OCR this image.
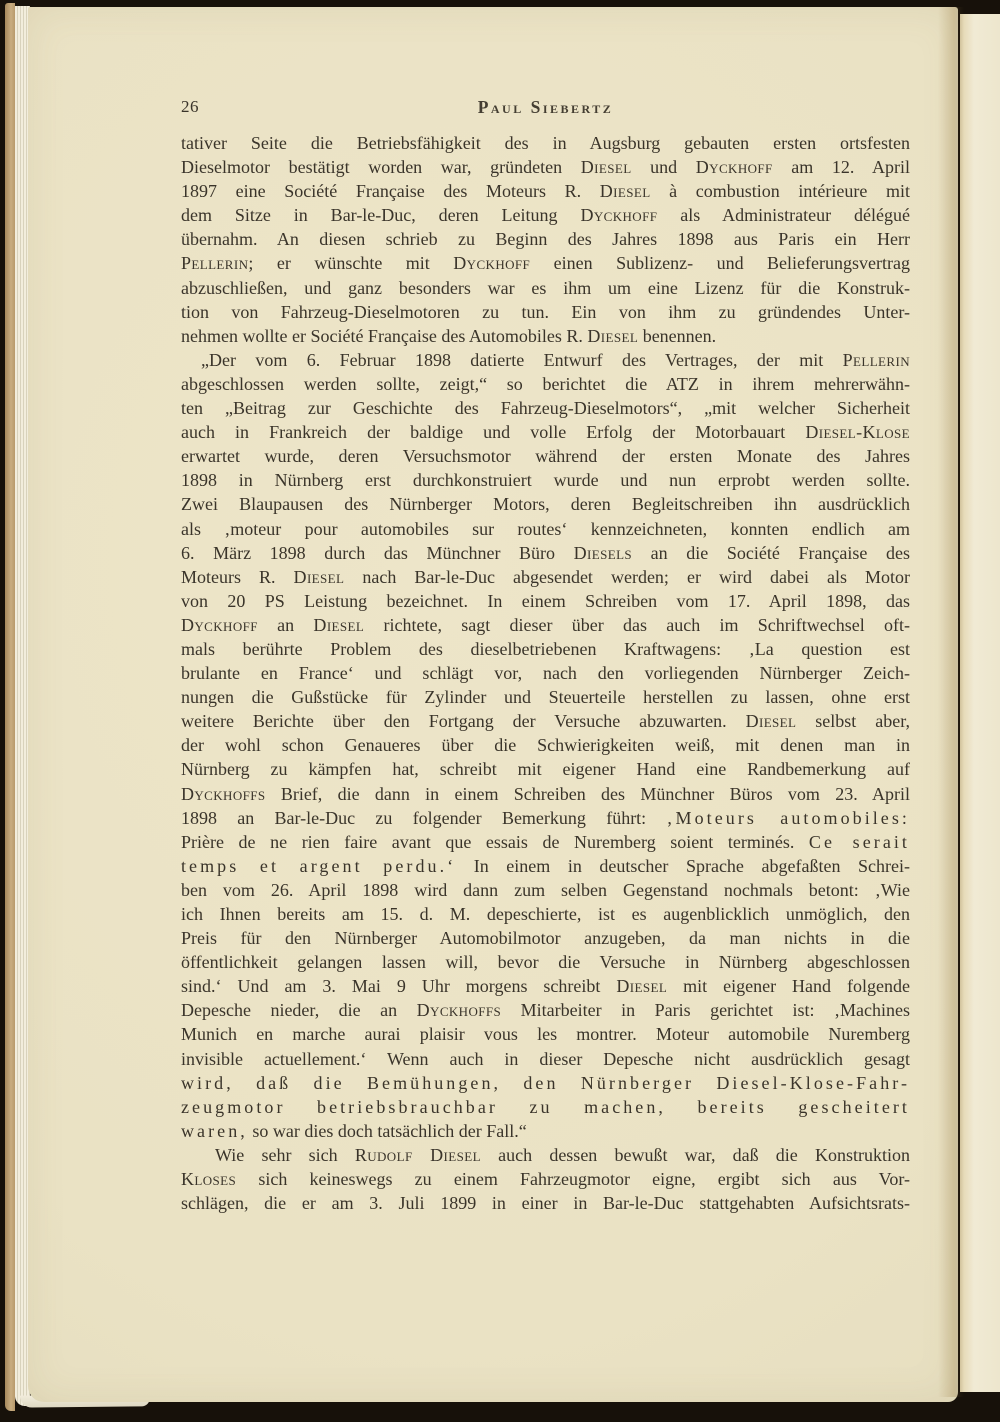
26	Paul Siebertz
tativer Seite die Betriebsfähigkeit des in Augsburg gebauten ersten ortsfesten
Dieselmotor bestätigt worden war, gründeten Diesel und Dyckhoff am 12. April
1897 eine Société Française des Moteurs R. Diesel à combustion intérieure mit
dem Sitze in Bar-le-Duc, deren Leitung Dyckhoff als Administrateur délégué
übernahm. An diesen schrieb zu Beginn des Jahres 1898 aus Paris ein Herr
Pellerin; er wünschte mit Dyckhoff einen Sublizenz- und Belieferungsvertrag
abzuschließen, und ganz besonders war es ihm um eine Lizenz für die Konstruk-
tion von Fahrzeug-Dieselmotoren zu tun. Ein von ihm zu gründendes Unter-
nehmen wollte er Société Française des Automobiles R. Diesel benennen.
„Der vom 6. Februar 1898 datierte Entwurf des Vertrages, der mit Pellerin
abgeschlossen werden sollte, zeigt,“ so berichtet die ATZ in ihrem mehrerwähn-
ten „Beitrag zur Geschichte des Fahrzeug-Dieselmotors“, „mit welcher Sicherheit
auch in Frankreich der baldige und volle Erfolg der Motorbauart Diesel-Klose
erwartet wurde, deren Versuchsmotor während der ersten Monate des Jahres
1898 in Nürnberg erst durchkonstruiert wurde und nun erprobt werden sollte.
Zwei Blaupausen des Nürnberger Motors, deren Begleitschreiben ihn ausdrücklich
als ‚moteur pour automobiles sur routes‘ kennzeichneten, konnten endlich am
6. März 1898 durch das Münchner Büro Diesels an die Société Française des
Moteurs R. Diesel nach Bar-le-Duc abgesendet werden; er wird dabei als Motor
von 20 PS Leistung bezeichnet. In einem Schreiben vom 17. April 1898, das
Dyckhoff an Diesel richtete, sagt dieser über das auch im Schriftwechsel oft-
mals berührte Problem des dieselbetriebenen Kraftwagens: ‚La question est
brulante en France‘ und schlägt vor, nach den vorliegenden Nürnberger Zeich-
nungen die Gußstücke für Zylinder und Steuerteile herstellen zu lassen, ohne erst
weitere Berichte über den Fortgang der Versuche abzuwarten. Diesel selbst aber,
der wohl schon Genaueres über die Schwierigkeiten weiß, mit denen man in
Nürnberg zu kämpfen hat, schreibt mit eigener Hand eine Randbemerkung auf
Dyckhoffs Brief, die dann in einem Schreiben des Münchner Büros vom 23. April
1898 an Bar-le-Duc zu folgender Bemerkung führt: ‚Moteurs automobiles:
Prière de ne rien faire avant que essais de Nuremberg soient terminés. Ce serait
temps et argent perdu.‘ In einem in deutscher Sprache abgefaßten Schrei-
ben vom 26. April 1898 wird dann zum selben Gegenstand nochmals betont: ‚Wie
ich Ihnen bereits am 15. d. M. depeschierte, ist es augenblicklich unmöglich, den
Preis für den Nürnberger Automobilmotor anzugeben, da man nichts in die
öffentlichkeit gelangen lassen will, bevor die Versuche in Nürnberg abgeschlossen
sind.‘ Und am 3. Mai 9 Uhr morgens schreibt Diesel mit eigener Hand folgende
Depesche nieder, die an Dyckhoffs Mitarbeiter in Paris gerichtet ist: ‚Machines
Munich en marche aurai plaisir vous les montrer. Moteur automobile Nuremberg
invisible actuellement.‘ Wenn auch in dieser Depesche nicht ausdrücklich gesagt
wird, daß die Bemühungen, den Nürnberger Diesel-Klose-Fahr-
zeugmotor betriebsbrauchbar zu machen, bereits gescheitert
waren, so war dies doch tatsächlich der Fall.“
Wie sehr sich Rudolf Diesel auch dessen bewußt war, daß die Konstruktion
Kloses sich keineswegs zu einem Fahrzeugmotor eigne, ergibt sich aus Vor-
schlägen, die er am 3. Juli 1899 in einer in Bar-le-Duc stattgehabten Aufsichtsrats-
